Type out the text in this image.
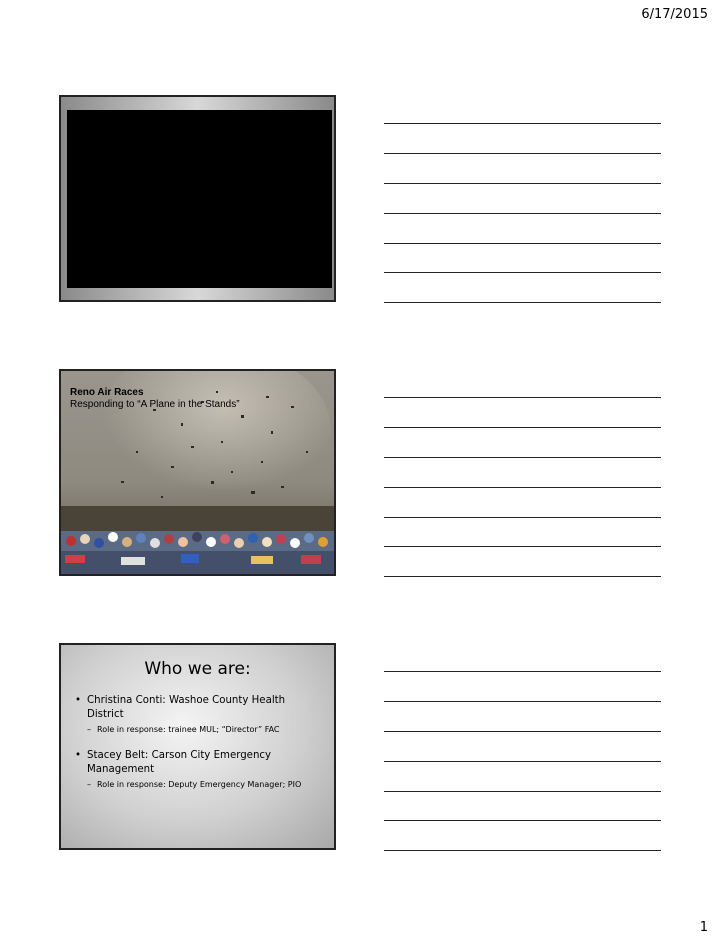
6/17/2015
Reno Air Races
Responding to “A Plane in the Stands”
Who we are:
• Christina Conti: Washoe County Health District
– Role in response: trainee MUL; “Director” FAC
• Stacey Belt: Carson City Emergency Management
– Role in response: Deputy Emergency Manager; PIO
1
